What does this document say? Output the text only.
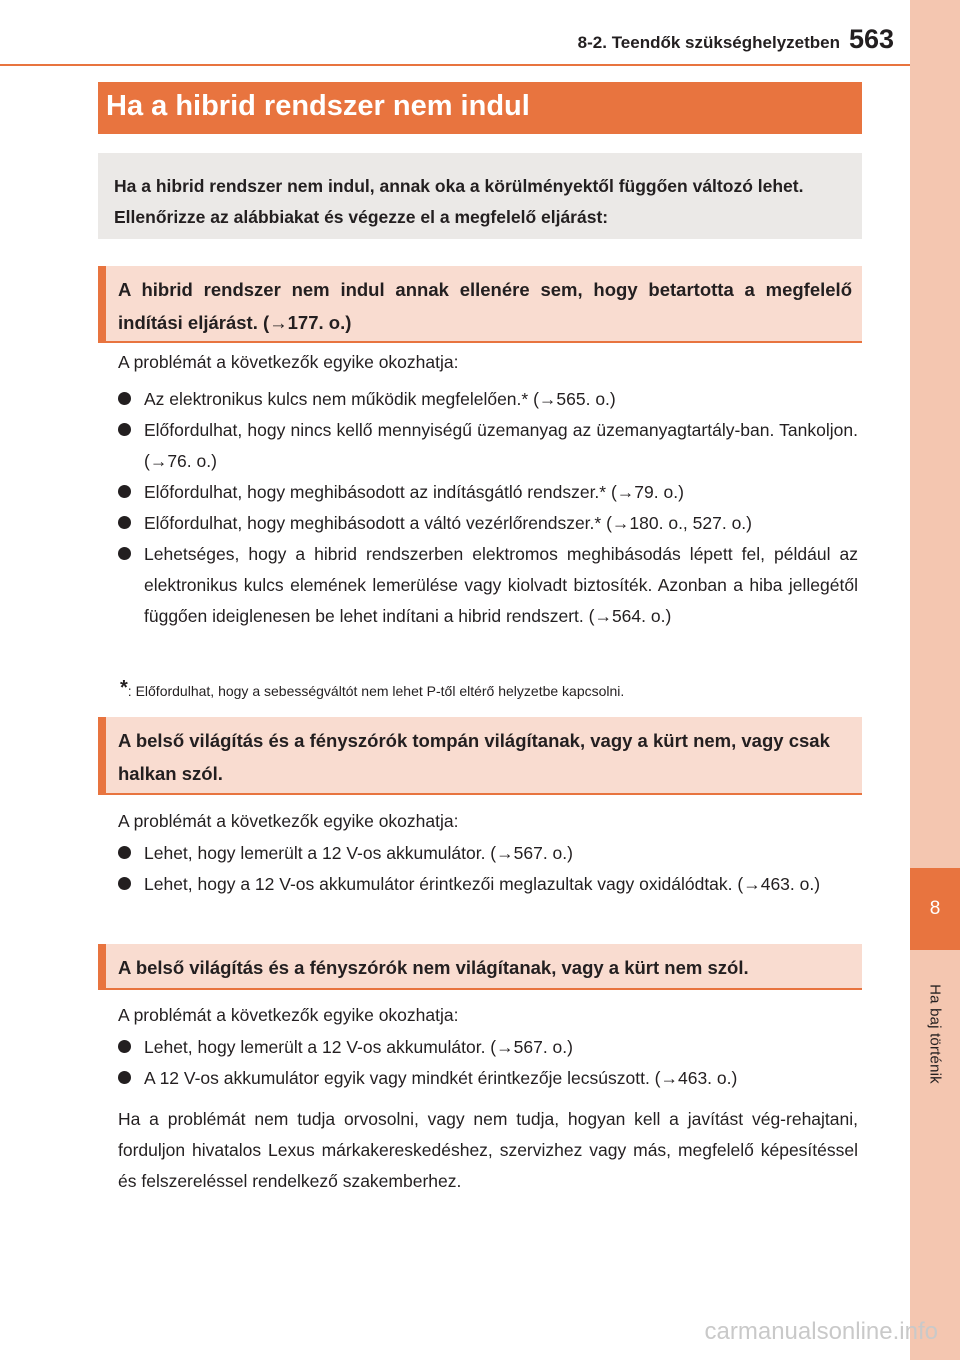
8
Ha baj történik
8-2. Teendők szükséghelyzetben 563
Ha a hibrid rendszer nem indul
Ha a hibrid rendszer nem indul, annak oka a körülményektől függően változó lehet. Ellenőrizze az alábbiakat és végezze el a megfelelő eljárást:
A hibrid rendszer nem indul annak ellenére sem, hogy betartotta a megfelelő indítási eljárást. (→177. o.)
A problémát a következők egyike okozhatja:
Az elektronikus kulcs nem működik megfelelően.* (→565. o.)
Előfordulhat, hogy nincs kellő mennyiségű üzemanyag az üzemanyagtartály-ban. Tankoljon. (→76. o.)
Előfordulhat, hogy meghibásodott az indításgátló rendszer.* (→79. o.)
Előfordulhat, hogy meghibásodott a váltó vezérlőrendszer.* (→180. o., 527. o.)
Lehetséges, hogy a hibrid rendszerben elektromos meghibásodás lépett fel, például az elektronikus kulcs elemének lemerülése vagy kiolvadt biztosíték. Azonban a hiba jellegétől függően ideiglenesen be lehet indítani a hibrid rendszert. (→564. o.)
*: Előfordulhat, hogy a sebességváltót nem lehet P-től eltérő helyzetbe kapcsolni.
A belső világítás és a fényszórók tompán világítanak, vagy a kürt nem, vagy csak halkan szól.
A problémát a következők egyike okozhatja:
Lehet, hogy lemerült a 12 V-os akkumulátor. (→567. o.)
Lehet, hogy a 12 V-os akkumulátor érintkezői meglazultak vagy oxidálódtak. (→463. o.)
A belső világítás és a fényszórók nem világítanak, vagy a kürt nem szól.
A problémát a következők egyike okozhatja:
Lehet, hogy lemerült a 12 V-os akkumulátor. (→567. o.)
A 12 V-os akkumulátor egyik vagy mindkét érintkezője lecsúszott. (→463. o.)
Ha a problémát nem tudja orvosolni, vagy nem tudja, hogyan kell a javítást vég-rehajtani, forduljon hivatalos Lexus márkakereskedéshez, szervizhez vagy más, megfelelő képesítéssel és felszereléssel rendelkező szakemberhez.
carmanualsonline.info
